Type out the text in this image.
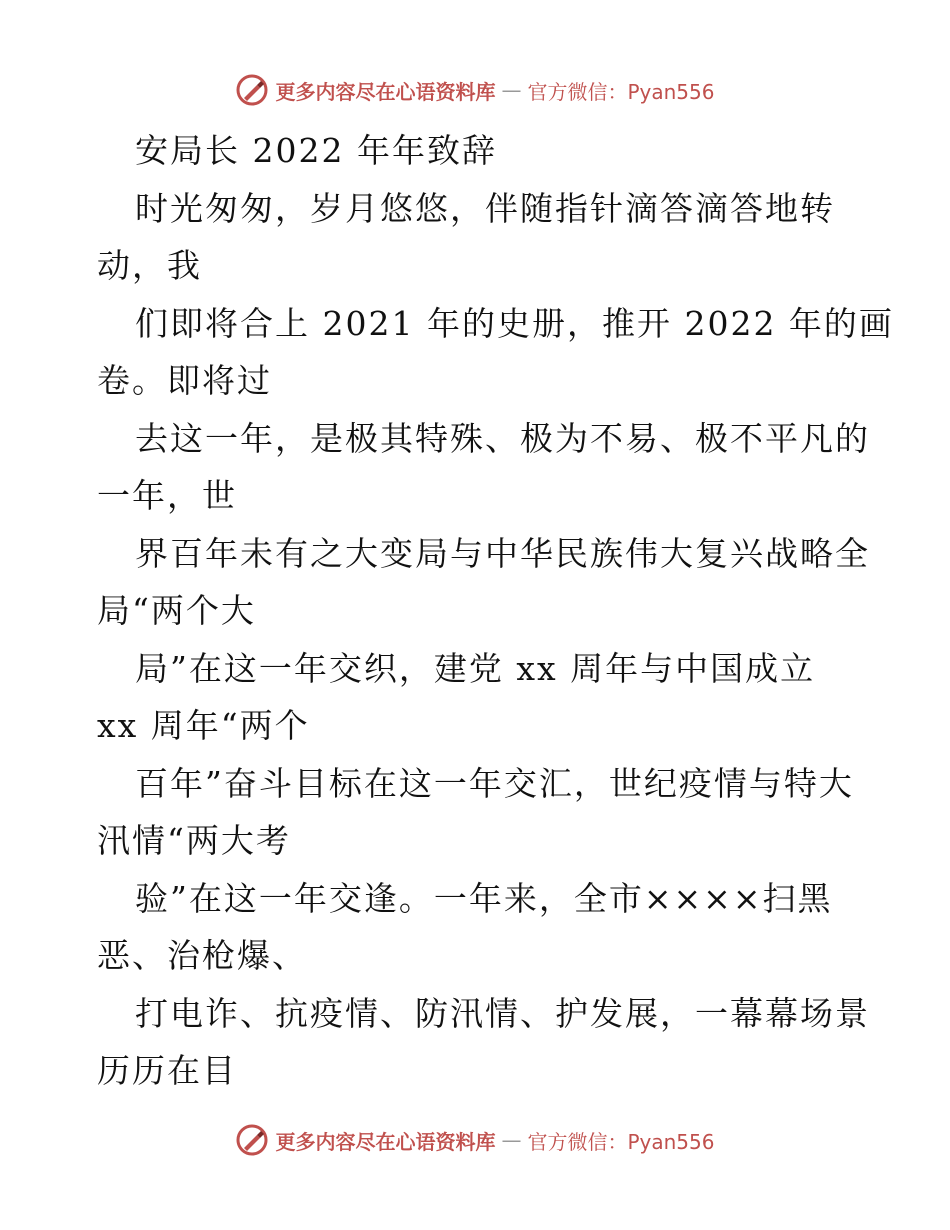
更多内容尽在心语资料库 — 官方微信：Pyan556
安局长 2022 年年致辞
时光匆匆，岁月悠悠，伴随指针滴答滴答地转
动，我
们即将合上 2021 年的史册，推开 2022 年的画
卷。即将过
去这一年，是极其特殊、极为不易、极不平凡的
一年，世
界百年未有之大变局与中华民族伟大复兴战略全
局“两个大
局”在这一年交织，建党 xx 周年与中国成立
xx 周年“两个
百年”奋斗目标在这一年交汇，世纪疫情与特大
汛情“两大考
验”在这一年交逢。一年来，全市××××扫黑
恶、治枪爆、
打电诈、抗疫情、防汛情、护发展，一幕幕场景
历历在目
更多内容尽在心语资料库 — 官方微信：Pyan556
